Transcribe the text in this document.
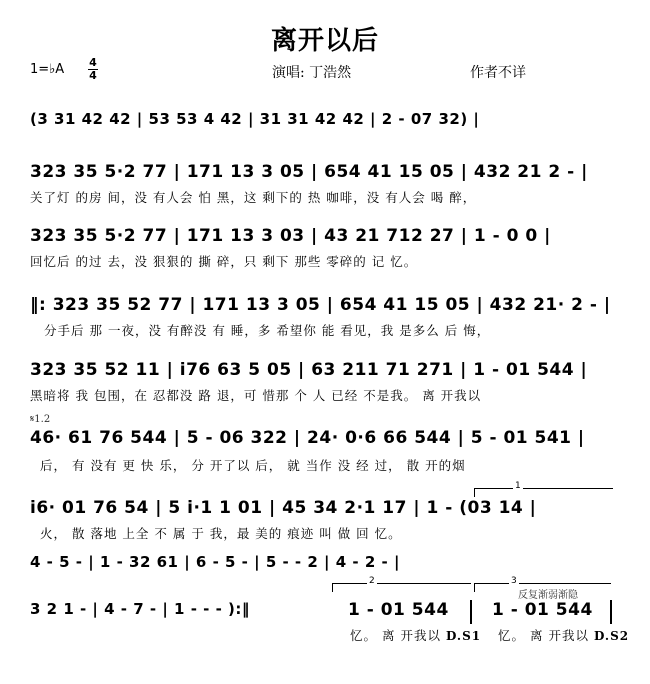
离开以后
1=♭A 4
4	演唱: 丁浩然	作者不详
(3 31 42 42 | 53 53 4 42 | 31 31 42 42 | 2 - 07 32) |
323 35 5·2 77 | 171 13 3 05 | 654 41 15 05 | 432 21 2 - |
关了灯 的房 间，没 有人会 怕 黑，这 剩下的 热 咖啡，没 有人会 喝 醉，
323 35 5·2 77 | 171 13 3 03 | 43 21 712 27 | 1 - 0 0 |
回忆后 的过 去，没 狠狠的 撕 碎，只 剩下 那些 零碎的 记 忆。
‖: 323 35 52 77 | 171 13 3 05 | 654 41 15 05 | 432 21· 2 - |
分手后 那 一夜，没 有醉没 有 睡，多 希望你 能 看见，我 是多么 后 悔，
323 35 52 11 | i76 63 5 05 | 63 211 71 271 | 1 - 01 544 |
黑暗将 我 包围，在 忍都没 路 退，可 惜那 个 人 已经 不是我。 离 开我以
𝄋1.2
46· 61 76 544 | 5 - 06 322 | 24· 0·6 66 544 | 5 - 01 541 |
后， 有 没有 更 快 乐， 分 开了以 后， 就 当作 没 经 过， 散 开的烟
1
i6· 01 76 54 | 5 i·1 1 01 | 45 34 2·1 17 | 1 - (03 14 |
火， 散 落地 上全 不 属 于 我，最 美的 痕迹 叫 做 回 忆。
4 - 5 - | 1 - 32 61 | 6 - 5 - | 5 - - 2 | 4 - 2 - |
2	3
反复渐弱渐隐
3 2 1 - | 4 - 7 - | 1 - - - ):‖	1 - 01 544	1 - 01 544
忆。 离 开我以 D.S1 忆。 离 开我以 D.S2
